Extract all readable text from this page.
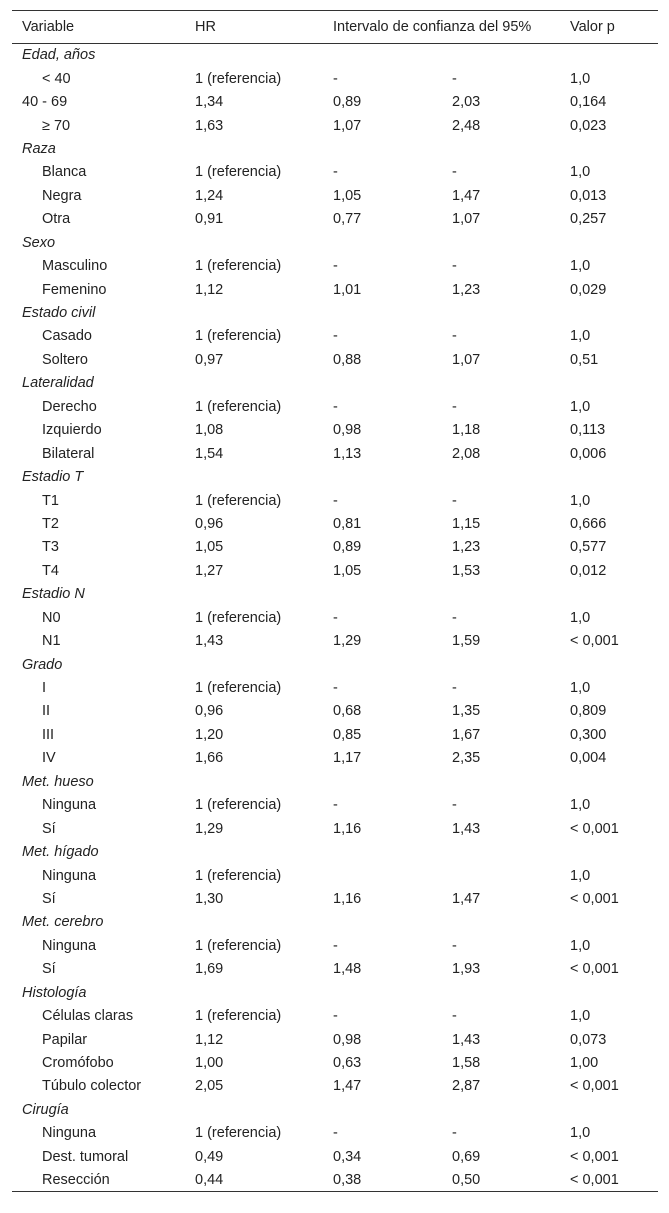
Variable	HR	Intervalo de confianza del 95%		Valor p
Edad, años				
< 40	1 (referencia)	-	-	1,0
40 - 69	1,34	0,89	2,03	0,164
≥ 70	1,63	1,07	2,48	0,023
Raza				
Blanca	1 (referencia)	-	-	1,0
Negra	1,24	1,05	1,47	0,013
Otra	0,91	0,77	1,07	0,257
Sexo				
Masculino	1 (referencia)	-	-	1,0
Femenino	1,12	1,01	1,23	0,029
Estado civil				
Casado	1 (referencia)	-	-	1,0
Soltero	0,97	0,88	1,07	0,51
Lateralidad				
Derecho	1 (referencia)	-	-	1,0
Izquierdo	1,08	0,98	1,18	0,113
Bilateral	1,54	1,13	2,08	0,006
Estadio T				
T1	1 (referencia)	-	-	1,0
T2	0,96	0,81	1,15	0,666
T3	1,05	0,89	1,23	0,577
T4	1,27	1,05	1,53	0,012
Estadio N				
N0	1 (referencia)	-	-	1,0
N1	1,43	1,29	1,59	< 0,001
Grado				
I	1 (referencia)	-	-	1,0
II	0,96	0,68	1,35	0,809
III	1,20	0,85	1,67	0,300
IV	1,66	1,17	2,35	0,004
Met. hueso				
Ninguna	1 (referencia)	-	-	1,0
Sí	1,29	1,16	1,43	< 0,001
Met. hígado				
Ninguna	1 (referencia)			1,0
Sí	1,30	1,16	1,47	< 0,001
Met. cerebro				
Ninguna	1 (referencia)	-	-	1,0
Sí	1,69	1,48	1,93	< 0,001
Histología				
Células claras	1 (referencia)	-	-	1,0
Papilar	1,12	0,98	1,43	0,073
Cromófobo	1,00	0,63	1,58	1,00
Túbulo colector	2,05	1,47	2,87	< 0,001
Cirugía				
Ninguna	1 (referencia)	-	-	1,0
Dest. tumoral	0,49	0,34	0,69	< 0,001
Resección	0,44	0,38	0,50	< 0,001
